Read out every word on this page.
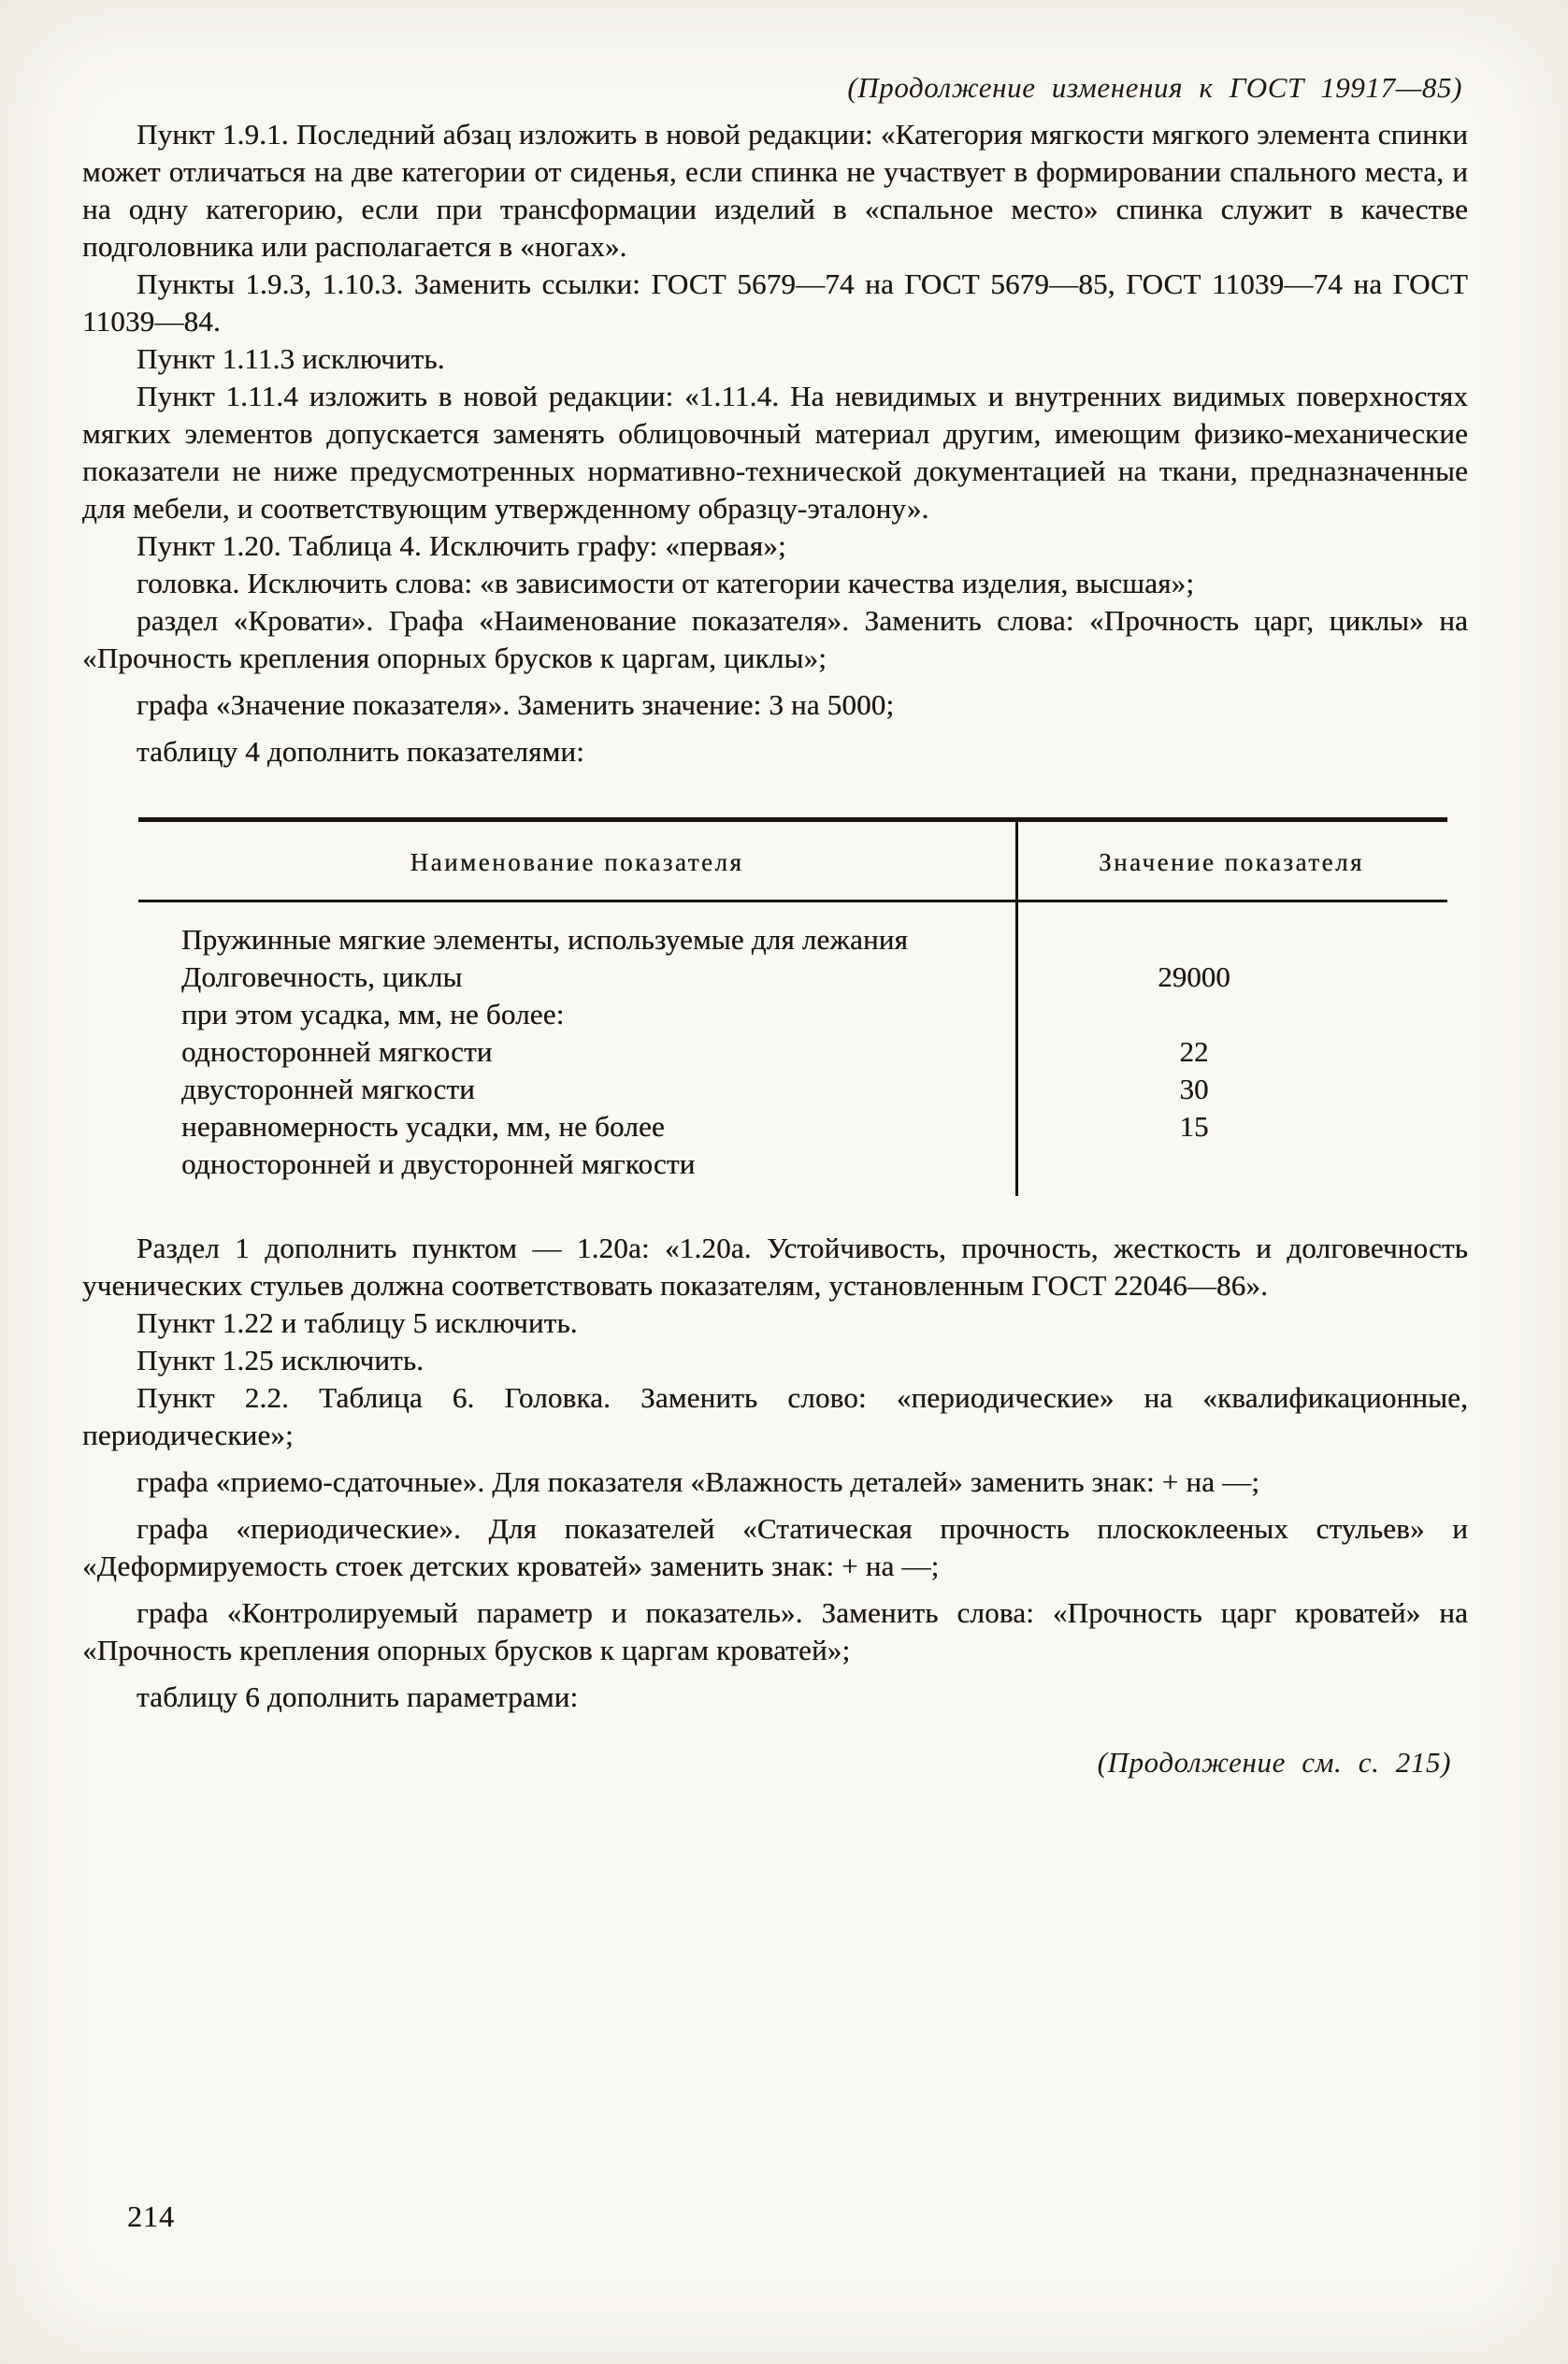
(Продолжение изменения к ГОСТ 19917—85)

Пункт 1.9.1. Последний абзац изложить в новой редакции: «Категория мягкости мягкого элемента спинки может отличаться на две категории от сиденья, если спинка не участвует в формировании спального места, и на одну категорию, если при трансформации изделий в «спальное место» спинка служит в качестве подголовника или располагается в «ногах».

Пункты 1.9.3, 1.10.3. Заменить ссылки: ГОСТ 5679—74 на ГОСТ 5679—85, ГОСТ 11039—74 на ГОСТ 11039—84.

Пункт 1.11.3 исключить.

Пункт 1.11.4 изложить в новой редакции: «1.11.4. На невидимых и внутренних видимых поверхностях мягких элементов допускается заменять облицовочный материал другим, имеющим физико-механические показатели не ниже предусмотренных нормативно-технической документацией на ткани, предназначенные для мебели, и соответствующим утвержденному образцу-эталону».

Пункт 1.20. Таблица 4. Исключить графу: «первая»;

головка. Исключить слова: «в зависимости от категории качества изделия, высшая»;

раздел «Кровати». Графа «Наименование показателя». Заменить слова: «Прочность царг, циклы» на «Прочность крепления опорных брусков к царгам, циклы»;

графа «Значение показателя». Заменить значение: 3 на 5000;

таблицу 4 дополнить показателями:

Наименование показателя	Значение показателя
Пружинные мягкие элементы, используемые для лежания
Долговечность, циклы	29000
при этом усадка, мм, не более:
односторонней мягкости	22
двусторонней мягкости	30
неравномерность усадки, мм, не более	15
односторонней и двусторонней мягкости

Раздел 1 дополнить пунктом — 1.20а: «1.20а. Устойчивость, прочность, жесткость и долговечность ученических стульев должна соответствовать показателям, установленным ГОСТ 22046—86».

Пункт 1.22 и таблицу 5 исключить.

Пункт 1.25 исключить.

Пункт 2.2. Таблица 6. Головка. Заменить слово: «периодические» на «квалификационные, периодические»;

графа «приемо-сдаточные». Для показателя «Влажность деталей» заменить знак: + на —;

графа «периодические». Для показателей «Статическая прочность плоскоклееных стульев» и «Деформируемость стоек детских кроватей» заменить знак: + на —;

графа «Контролируемый параметр и показатель». Заменить слова: «Прочность царг кроватей» на «Прочность крепления опорных брусков к царгам кроватей»;

таблицу 6 дополнить параметрами:

(Продолжение см. с. 215)
214
